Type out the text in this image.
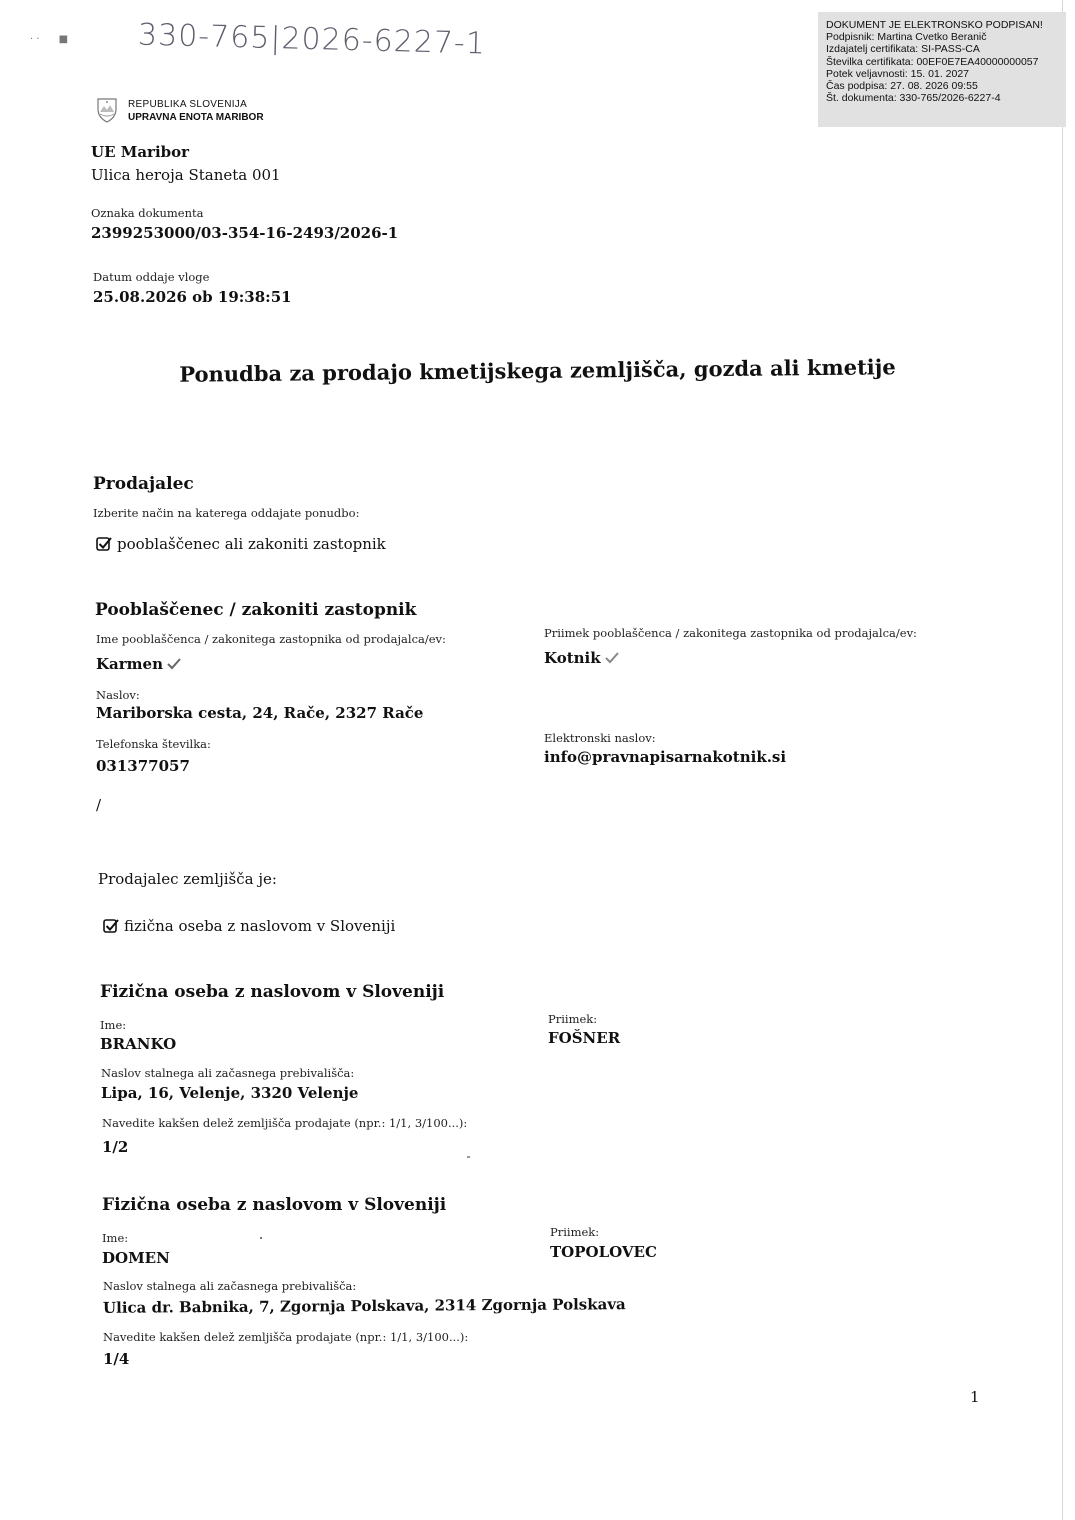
· ·      ■ 330-765|2026-6227-1	DOKUMENT JE ELEKTRONSKO PODPISAN!
Podpisnik: Martina Cvetko Beranič
Izdajatelj certifikata: SI-PASS-CA
Številka certifikata: 00EF0E7EA40000000057
Potek veljavnosti: 15. 01. 2027
Čas podpisa: 27. 08. 2026 09:55
Št. dokumenta: 330-765/2026-6227-4
REPUBLIKA SLOVENIJA
UPRAVNA ENOTA MARIBOR
UE Maribor
Ulica heroja Staneta 001
Oznaka dokumenta
2399253000/03-354-16-2493/2026-1
Datum oddaje vloge
25.08.2026 ob 19:38:51
Ponudba za prodajo kmetijskega zemljišča, gozda ali kmetije
Prodajalec
Izberite način na katerega oddajate ponudbo:
pooblaščenec ali zakoniti zastopnik
Pooblaščenec / zakoniti zastopnik
Ime pooblaščenca / zakonitega zastopnika od prodajalca/ev:
Karmen
Priimek pooblaščenca / zakonitega zastopnika od prodajalca/ev:
Kotnik
Naslov:
Mariborska cesta, 24, Rače, 2327 Rače
Telefonska številka:
031377057
Elektronski naslov:
info@pravnapisarnakotnik.si
/
Prodajalec zemljišča je:
fizična oseba z naslovom v Sloveniji
Fizična oseba z naslovom v Sloveniji
Ime:
BRANKO
Priimek:
FOŠNER
Naslov stalnega ali začasnega prebivališča:
Lipa, 16, Velenje, 3320 Velenje
Navedite kakšen delež zemljišča prodajate (npr.: 1/1, 3/100...):
1/2
Fizična oseba z naslovom v Sloveniji
Ime:
DOMEN
Priimek:
TOPOLOVEC
Naslov stalnega ali začasnega prebivališča:
Ulica dr. Babnika, 7, Zgornja Polskava, 2314 Zgornja Polskava
Navedite kakšen delež zemljišča prodajate (npr.: 1/1, 3/100...):
1/4
1
